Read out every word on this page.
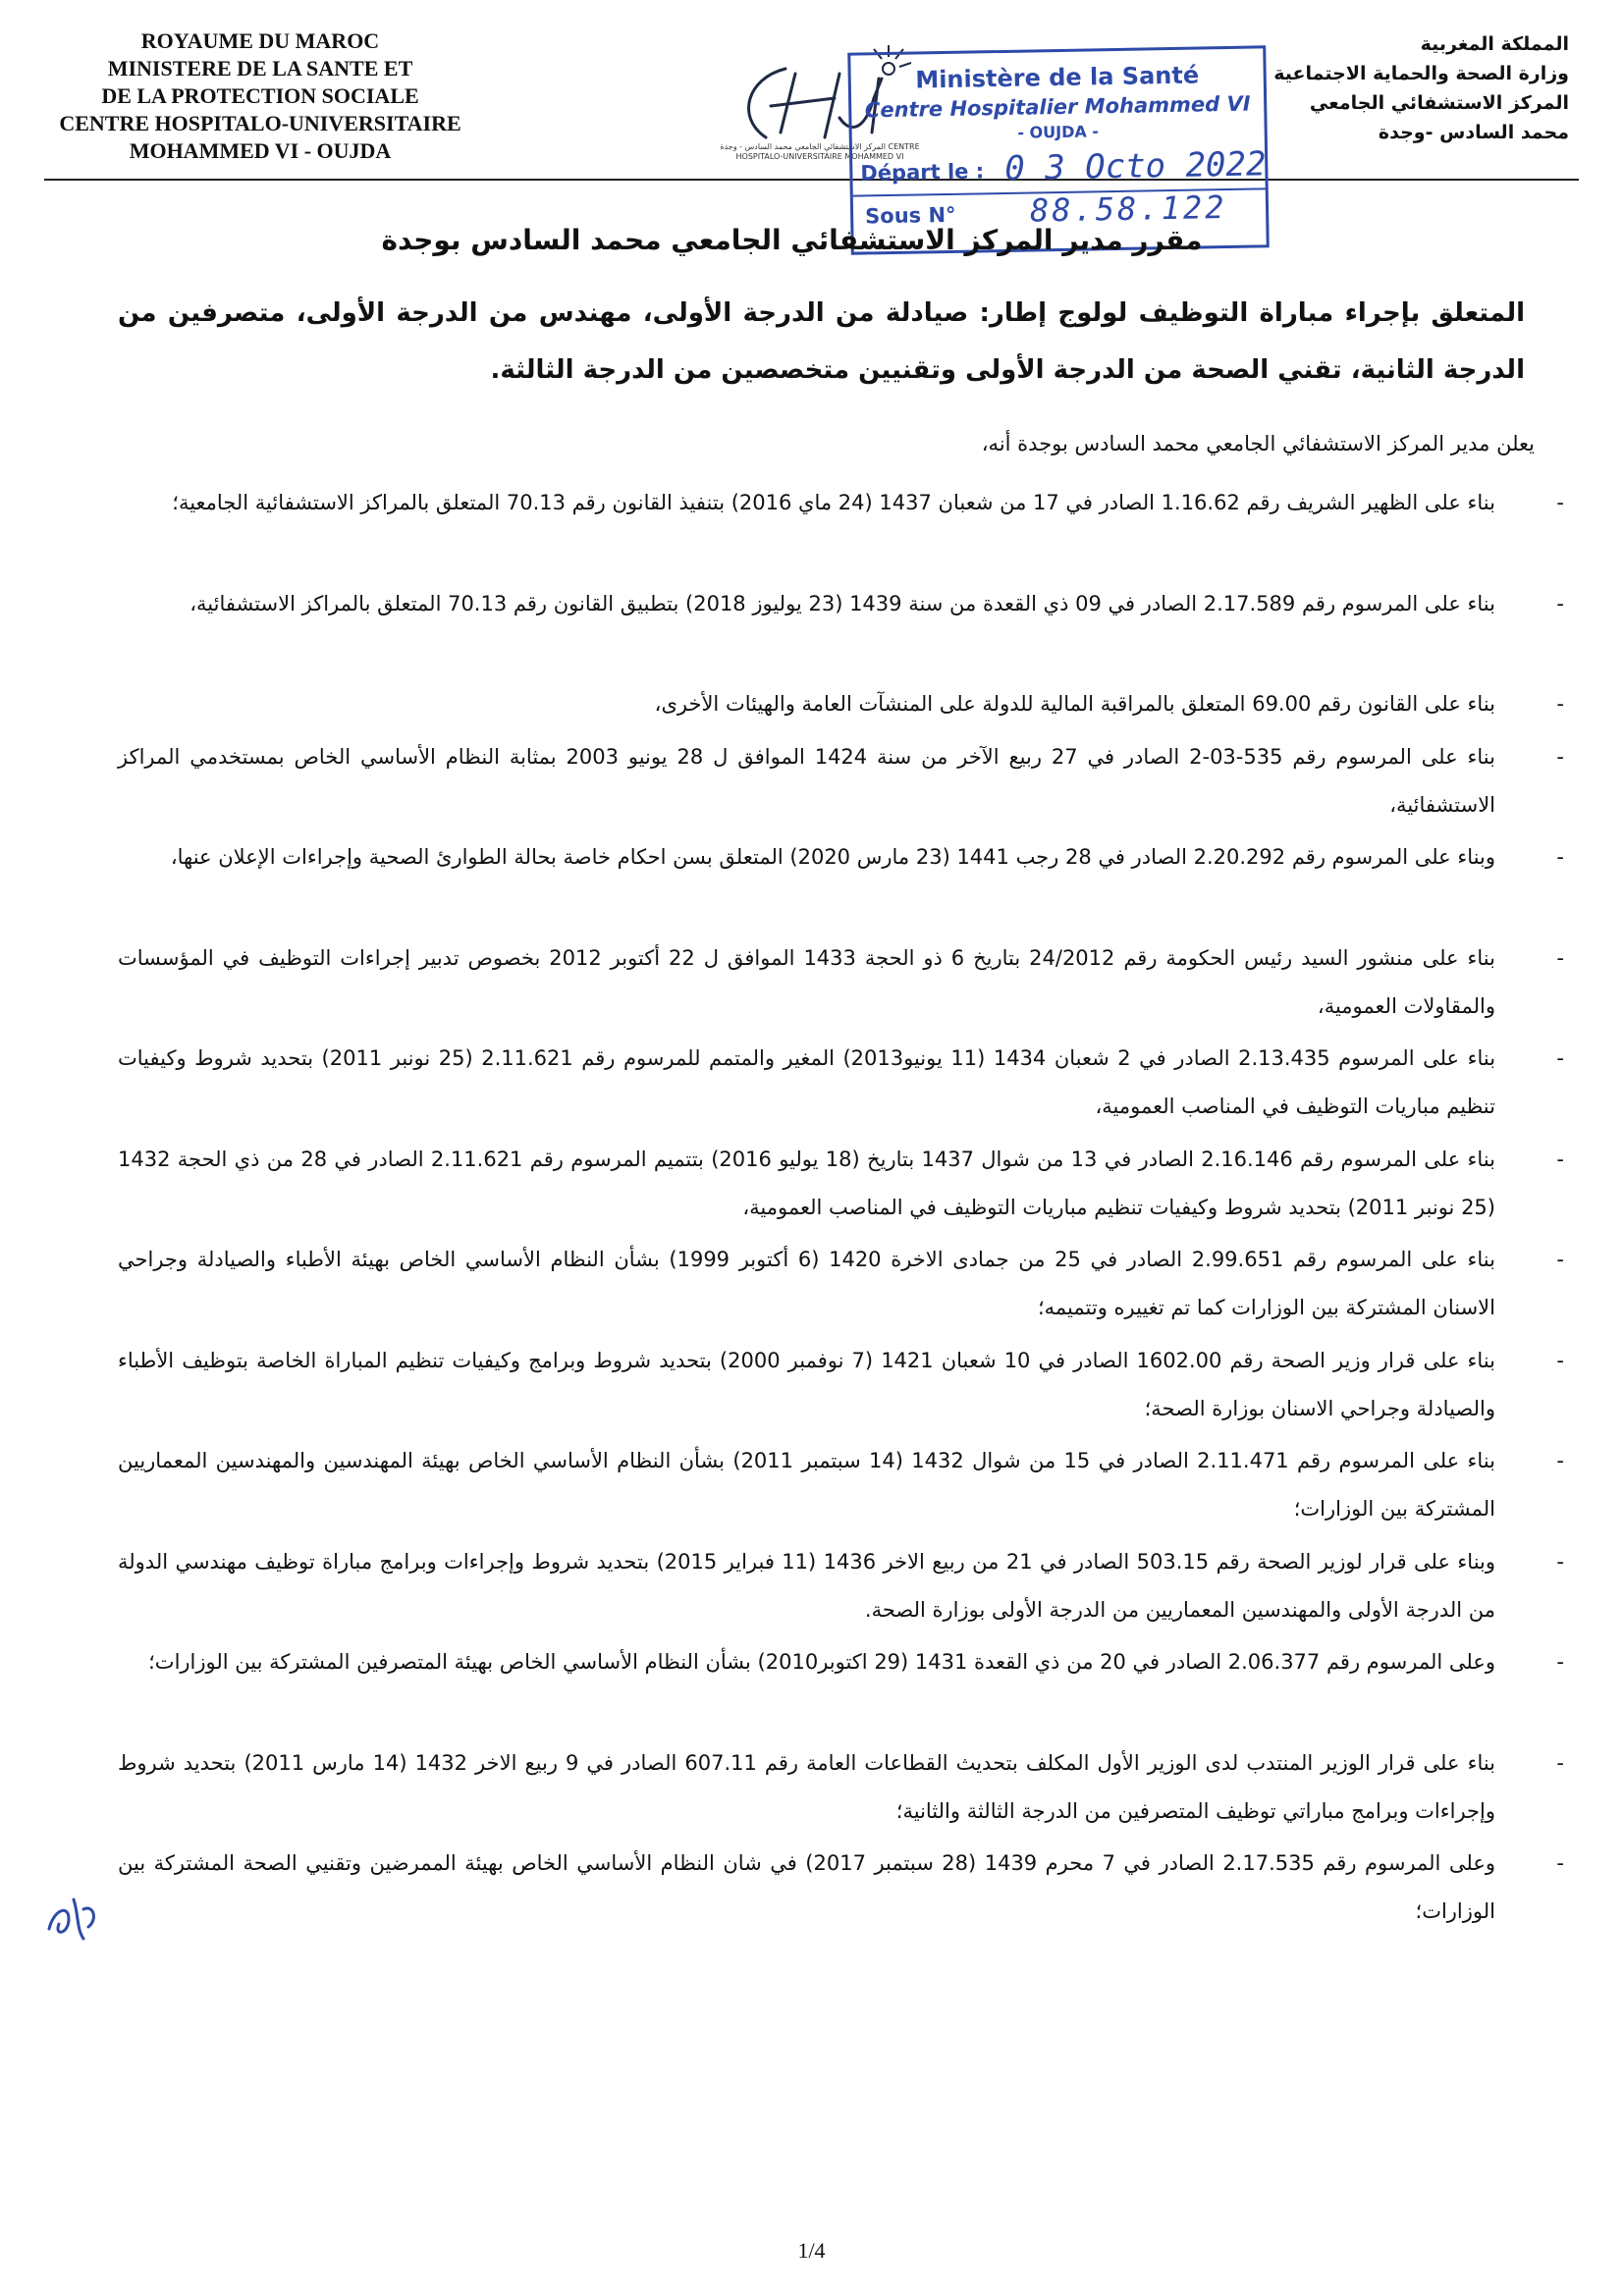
ROYAUME DU MAROC
MINISTERE DE LA SANTE ET
DE LA PROTECTION SOCIALE
CENTRE HOSPITALO-UNIVERSITAIRE
MOHAMMED VI - OUJDA	المركز الاستشفائي الجامعي محمد السادس - وجدة CENTRE HOSPITALO-UNIVERSITAIRE MOHAMMED VI
المملكة المغربية
وزارة الصحة والحماية الاجتماعية
المركز الاستشفائي الجامعي
محمد السادس -وجدة
Ministère de la Santé
Centre Hospitalier Mohammed VI
- OUJDA -
Départ le : 0 3 Octo 2022
Sous N° 88.58.122
مقرر مدير المركز الاستشفائي الجامعي محمد السادس بوجدة
المتعلق بإجراء مباراة التوظيف لولوج إطار: صيادلة من الدرجة الأولى، مهندس من الدرجة الأولى، متصرفين من الدرجة الثانية، تقني الصحة من الدرجة الأولى وتقنيين متخصصين من الدرجة الثالثة.
يعلن مدير المركز الاستشفائي الجامعي محمد السادس بوجدة أنه،
-
بناء على الظهير الشريف رقم 1.16.62 الصادر في 17 من شعبان 1437 (24 ماي 2016) بتنفيذ القانون رقم 70.13 المتعلق بالمراكز الاستشفائية الجامعية؛
-
بناء على المرسوم رقم 2.17.589 الصادر في 09 ذي القعدة من سنة 1439 (23 يوليوز 2018) بتطبيق القانون رقم 70.13 المتعلق بالمراكز الاستشفائية،
-
بناء على القانون رقم 69.00 المتعلق بالمراقبة المالية للدولة على المنشآت العامة والهيئات الأخرى،
-
بناء على المرسوم رقم 535-03-2 الصادر في 27 ربيع الآخر من سنة 1424 الموافق ل 28 يونيو 2003 بمثابة النظام الأساسي الخاص بمستخدمي المراكز الاستشفائية،
-
وبناء على المرسوم رقم 2.20.292 الصادر في 28 رجب 1441 (23 مارس 2020) المتعلق بسن احكام خاصة بحالة الطوارئ الصحية وإجراءات الإعلان عنها،
-
بناء على منشور السيد رئيس الحكومة رقم 24/2012 بتاريخ 6 ذو الحجة 1433 الموافق ل 22 أكتوبر 2012 بخصوص تدبير إجراءات التوظيف في المؤسسات والمقاولات العمومية،
-
بناء على المرسوم 2.13.435 الصادر في 2 شعبان 1434 (11 يونيو2013) المغير والمتمم للمرسوم رقم 2.11.621 (25 نونبر 2011) بتحديد شروط وكيفيات تنظيم مباريات التوظيف في المناصب العمومية،
-
بناء على المرسوم رقم 2.16.146 الصادر في 13 من شوال 1437 بتاريخ (18 يوليو 2016) بتتميم المرسوم رقم 2.11.621 الصادر في 28 من ذي الحجة 1432 (25 نونبر 2011) بتحديد شروط وكيفيات تنظيم مباريات التوظيف في المناصب العمومية،
-
بناء على المرسوم رقم 2.99.651 الصادر في 25 من جمادى الاخرة 1420 (6 أكتوبر 1999) بشأن النظام الأساسي الخاص بهيئة الأطباء والصيادلة وجراحي الاسنان المشتركة بين الوزارات كما تم تغييره وتتميمه؛
-
بناء على قرار وزير الصحة رقم 1602.00 الصادر في 10 شعبان 1421 (7 نوفمبر 2000) بتحديد شروط وبرامج وكيفيات تنظيم المباراة الخاصة بتوظيف الأطباء والصيادلة وجراحي الاسنان بوزارة الصحة؛
-
بناء على المرسوم رقم 2.11.471 الصادر في 15 من شوال 1432 (14 سبتمبر 2011) بشأن النظام الأساسي الخاص بهيئة المهندسين والمهندسين المعماريين المشتركة بين الوزارات؛
-
وبناء على قرار لوزير الصحة رقم 503.15 الصادر في 21 من ربيع الاخر 1436 (11 فبراير 2015) بتحديد شروط وإجراءات وبرامج مباراة توظيف مهندسي الدولة من الدرجة الأولى والمهندسين المعماريين من الدرجة الأولى بوزارة الصحة.
-
وعلى المرسوم رقم 2.06.377 الصادر في 20 من ذي القعدة 1431 (29 اكتوبر2010) بشأن النظام الأساسي الخاص بهيئة المتصرفين المشتركة بين الوزارات؛
-
بناء على قرار الوزير المنتدب لدى الوزير الأول المكلف بتحديث القطاعات العامة رقم 607.11 الصادر في 9 ربيع الاخر 1432 (14 مارس 2011) بتحديد شروط وإجراءات وبرامج مباراتي توظيف المتصرفين من الدرجة الثالثة والثانية؛
-
وعلى المرسوم رقم 2.17.535 الصادر في 7 محرم 1439 (28 سبتمبر 2017) في شان النظام الأساسي الخاص بهيئة الممرضين وتقنيي الصحة المشتركة بين الوزارات؛
1/4
